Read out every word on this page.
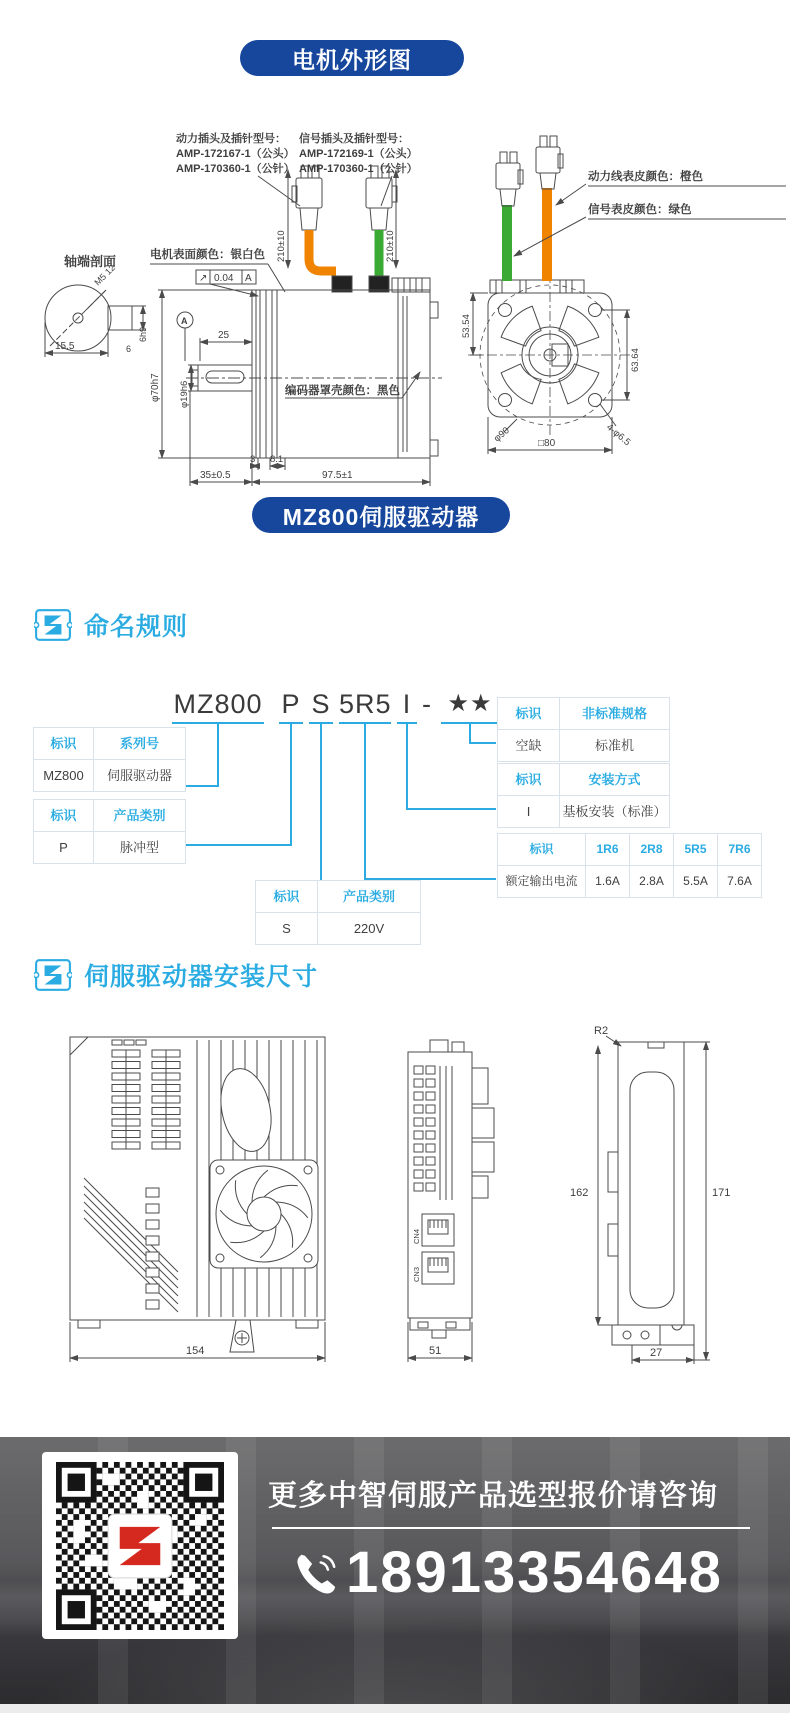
电机外形图
轴端剖面
M5 12
15.5
6h9
6
动力插头及插针型号： 信号插头及插针型号：
AMP-172167-1（公头） AMP-172169-1（公头）
AMP-170360-1（公针） AMP-170360-1（公针）
210±10	210±10
电机表面颜色：银白色
编码器罩壳颜色：黑色
25
A
φ70h7 φ19h6
↗ 0.04 A
3 8.1
35±0.5	97.5±1
动力线表皮颜色：橙色
信号表皮颜色：绿色
53.54
63.64
φ90	4-φ6.5
□80
MZ800伺服驱动器
命名规则
MZ800 P S 5R5 I - ★★
标识	系列号
MZ800	伺服驱动器
标识	产品类别
P	脉冲型
标识	产品类别
S	220V
标识	非标准规格
空缺	标准机
标识	安装方式
I	基板安装（标准）
标识	1R6	2R8	5R5	7R6
额定输出电流	1.6A	2.8A	5.5A	7.6A
伺服驱动器安装尺寸
154	51	27
R2
162	171
CN4
CN3
更多中智伺服产品选型报价请咨询
18913354648
